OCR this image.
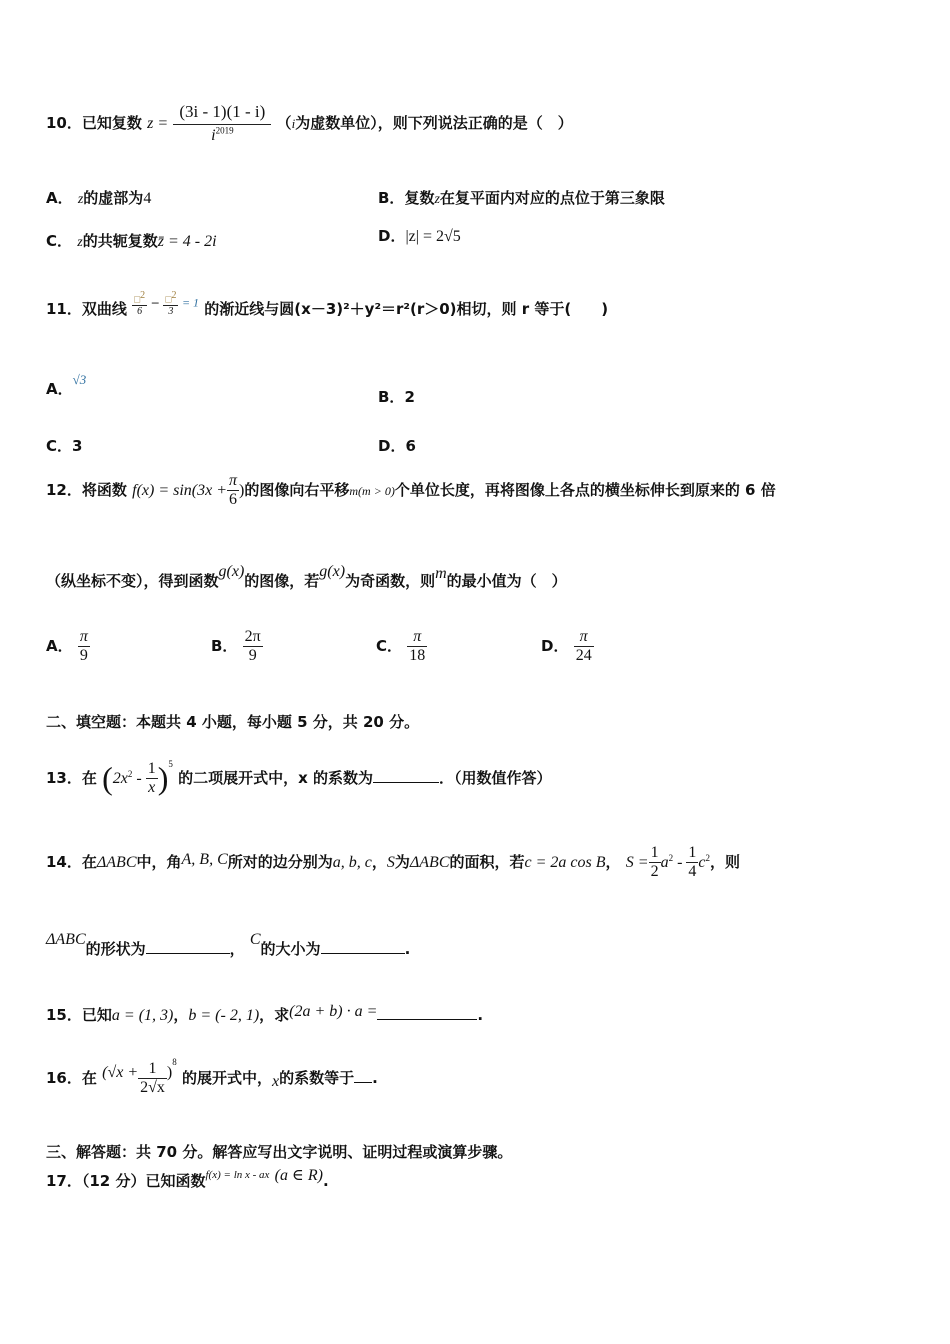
10．已知复数 $z = \frac{(3i - 1)(1 - i)}{i^{2019}} (i$为虚数单位），则下列说法正确的是（　）
A． z的虚部为4	B．复数z在复平面内对应的点位于第三象限
C． z的共轭复数z̄ = 4 - 2i	D．|z| = 2√5
11．双曲线 $\frac{□^2}{6} - \frac{□^2}{3} = 1$ 的渐近线与圆(x－3)²＋y²＝r²(r＞0)相切，则 r 等于(　　)
A．√3
B．2
C．3	D．6
12．将函数 $f(x) = \sin(3x + \frac{\pi}{6}$ )的图像向右平移m(m > 0)个单位长度，再将图像上各点的横坐标伸长到原来的 6 倍
（纵坐标不变），得到函数g(x)的图像，若g(x)为奇函数，则m的最小值为（　）
A． $\frac{\pi}{9}$	B． $\frac{2\pi}{9}$	C． $\frac{\pi}{18}$	D． $\frac{\pi}{24}$
二、填空题：本题共 4 小题，每小题 5 分，共 20 分。
13．在 $(2x^2 - \frac{1}{x} )^5$ 的二项展开式中，x 的系数为	．（用数值作答）
14．在ΔABC中，角A, B, C所对的边分别为a, b, c，S为ΔABC的面积，若c = 2a cos B， $S = \frac{1}{2} a^2 - \frac{1}{4} c^2$，则
ΔABC的形状为	， C的大小为	.
15．已知a = (1, 3)，b = (- 2, 1)，求(2a + b) · a =	.
16．在 $(√x + \frac{1}{2√x} )^8$ 的展开式中，x的系数等于 .
三、解答题：共 70 分。解答应写出文字说明、证明过程或演算步骤。
17．（12 分）已知函数$^{f(x) = ln x - ax}$ (a ∈ R).
